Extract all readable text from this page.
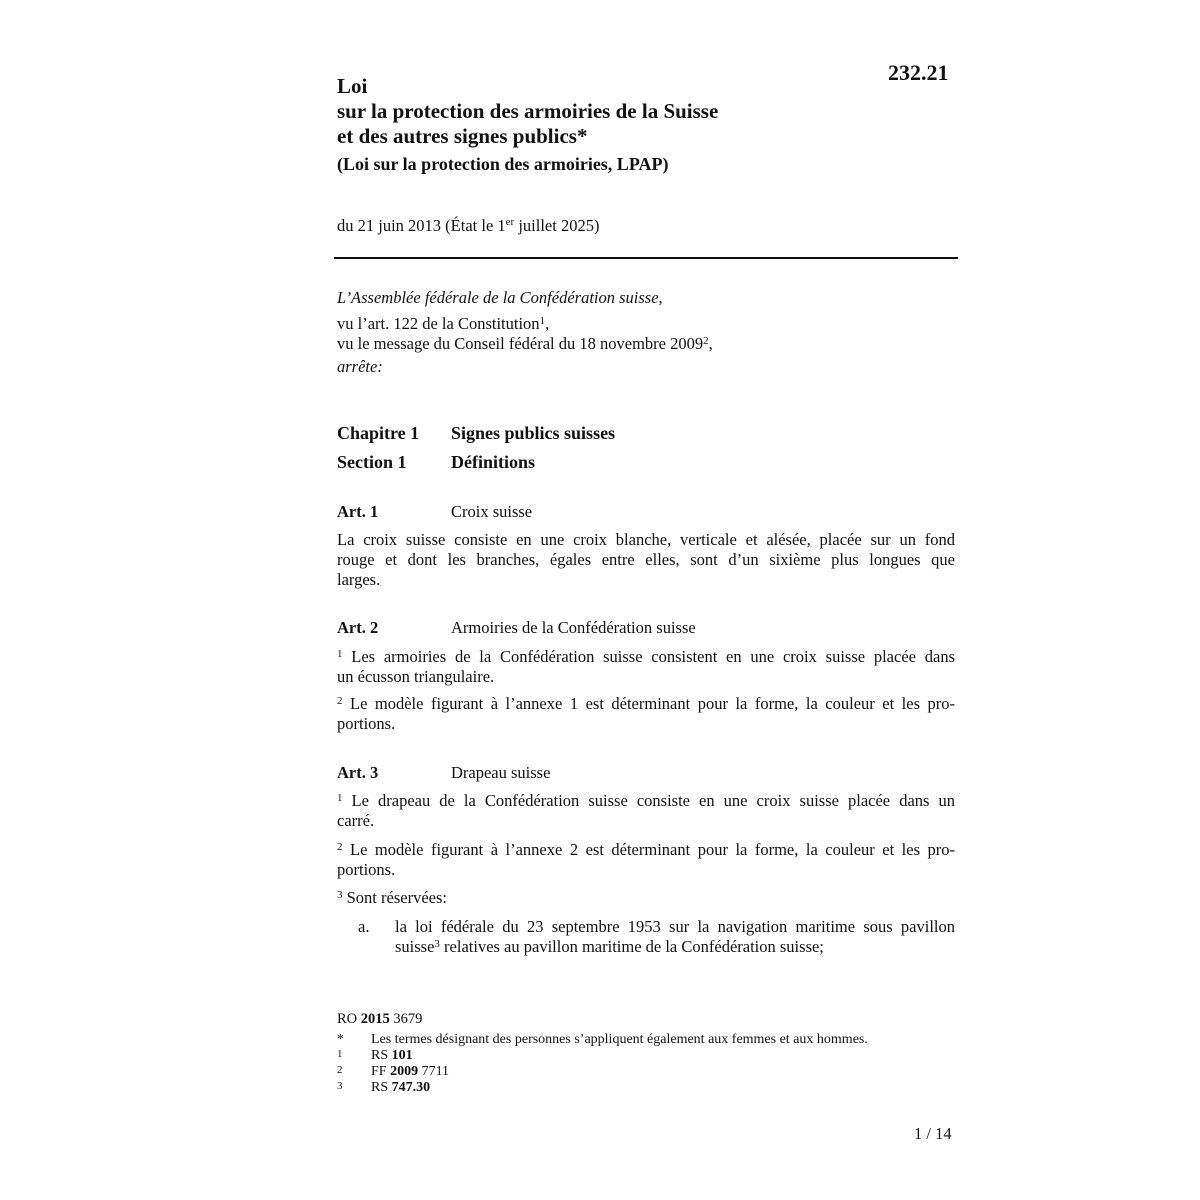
232.21
Loi
sur la protection des armoiries de la Suisse
et des autres signes publics*
(Loi sur la protection des armoiries, LPAP)
du 21 juin 2013 (État le 1er juillet 2025)
L’Assemblée fédérale de la Confédération suisse,
vu l’art. 122 de la Constitution$^1$,
vu le message du Conseil fédéral du 18 novembre 2009$^2$,
arrête:
Chapitre 1 Signes publics suisses
Section 1 Définitions
Art. 1	Croix suisse
La croix suisse consiste en une croix blanche, verticale et alésée, placée sur un fond
rouge et dont les branches, égales entre elles, sont d’un sixième plus longues que
larges.
Art. 2	Armoiries de la Confédération suisse
$^1$ Les armoiries de la Confédération suisse consistent en une croix suisse placée dans
un écusson triangulaire.
$^2$ Le modèle figurant à l’annexe 1 est déterminant pour la forme, la couleur et les pro-
portions.
Art. 3	Drapeau suisse
$^1$ Le drapeau de la Confédération suisse consiste en une croix suisse placée dans un
carré.
$^2$ Le modèle figurant à l’annexe 2 est déterminant pour la forme, la couleur et les pro-
portions.
$^3$ Sont réservées:
a. la loi fédérale du 23 septembre 1953 sur la navigation maritime sous pavillon
suisse$^3$ relatives au pavillon maritime de la Confédération suisse;
RO 2015 3679
* Les termes désignant des personnes s’appliquent également aux femmes et aux hommes.
1 RS 101
2 FF 2009 7711
3 RS 747.30
1 / 14
